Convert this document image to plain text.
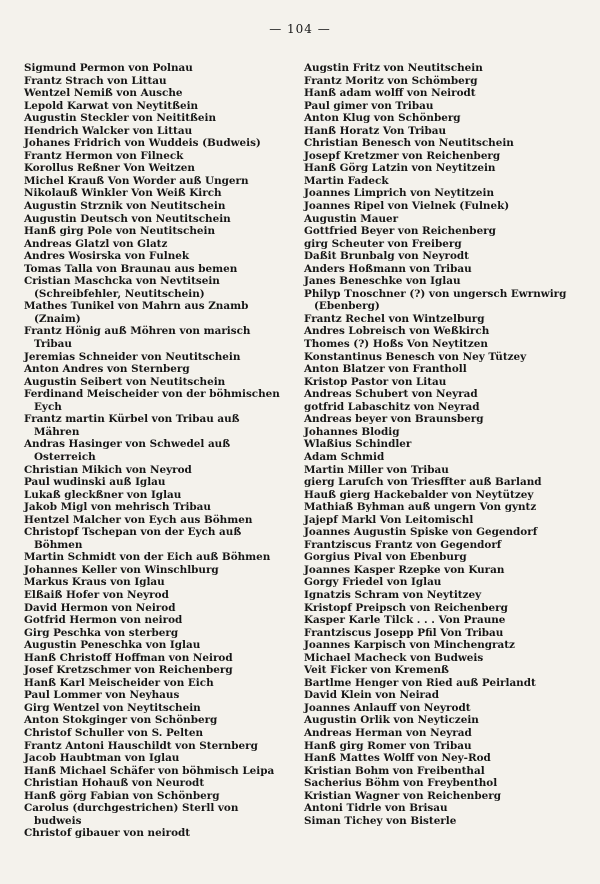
— 104 —
Sigmund Permon von Polnau
Frantz Strach von Littau
Wentzel Nemiß von Ausche
Lepold Karwat von Neytitßein
Augustin Steckler von Neititßein
Hendrich Walcker von Littau
Johanes Fridrich von Wuddeis (Budweis)
Frantz Hermon von Filneck
Korollus Reßner Von Weitzen
Michel Krauß Von Worder auß Ungern
Nikolauß Winkler Von Weiß Kirch
Augustin Strznik von Neutitschein
Augustin Deutsch von Neutitschein
Hanß girg Pole von Neutitschein
Andreas Glatzl von Glatz
Andres Wosirska von Fulnek
Tomas Talla von Braunau aus bemen
Cristian Maschcka von Nevtitsein (Schreibfehler, Neutitschein)
Mathes Tunikel von Mahrn aus Znamb (Znaim)
Frantz Hönig auß Möhren von marisch Tribau
Jeremias Schneider von Neutitschein
Anton Andres von Sternberg
Augustin Seibert von Neutitschein
Ferdinand Meischeider von der böhmischen Eych
Frantz martin Kürbel von Tribau auß Mähren
Andras Hasinger von Schwedel auß Osterreich
Christian Mikich von Neyrod
Paul wudinski auß Iglau
Lukaß gleckßner von Iglau
Jakob Migl von mehrisch Tribau
Hentzel Malcher von Eych aus Böhmen
Christopf Tschepan von der Eych auß Böhmen
Martin Schmidt von der Eich auß Böhmen
Johannes Keller von Winschlburg
Markus Kraus von Iglau
Elßaiß Hofer von Neyrod
David Hermon von Neirod
Gotfrid Hermon von neirod
Girg Peschka von sterberg
Augustin Peneschka von Iglau
Hanß Christoff Hoffman von Neirod
Josef Kretzschmer von Reichenberg
Hanß Karl Meischeider von Eich
Paul Lommer von Neyhaus
Girg Wentzel von Neytitschein
Anton Stokginger von Schönberg
Christof Schuller von S. Pelten
Frantz Antoni Hauschildt von Sternberg
Jacob Haubtman von Iglau
Hanß Michael Schäfer von böhmisch Leipa
Christian Hohauß von Neurodt
Hanß görg Fabian von Schönberg
Carolus (durchgestrichen) Sterll von budweis
Christof gibauer von neirodt
Augstin Fritz von Neutitschein
Frantz Moritz von Schömberg
Hanß adam wolff von Neirodt
Paul gimer von Tribau
Anton Klug von Schönberg
Hanß Horatz Von Tribau
Christian Benesch von Neutitschein
Josepf Kretzmer von Reichenberg
Hanß Görg Latzin von Neytitzein
Martin Fadeck
Joannes Limprich von Neytitzein
Joannes Ripel von Vielnek (Fulnek)
Augustin Mauer
Gottfried Beyer von Reichenberg
girg Scheuter von Freiberg
Daßit Brunbalg von Neyrodt
Anders Hoßmann von Tribau
Janes Beneschke von Iglau
Philyp Tnoschner (?) von ungersch Ewrnwirg (Ebenberg)
Frantz Rechel von Wintzelburg
Andres Lobreisch von Weßkirch
Thomes (?) Hoßs Von Neytitzen
Konstantinus Benesch von Ney Tützey
Anton Blatzer von Frantholl
Kristop Pastor von Litau
Andreas Schubert von Neyrad
gotfrid Labaschitz von Neyrad
Andreas beyer von Braunsberg
Johannes Blodig
Wlaßius Schindler
Adam Schmid
Martin Miller von Tribau
gierg Laruſch von Triesffter auß Barland
Hauß gierg Hackebalder von Neytützey
Mathiaß Byhman auß ungern Von gyntz
Jajepf Markl Von Leitomischl
Joannes Augustin Spiske von Gegendorf
Frantziscus Frantz von Gegendorf
Gorgius Pival von Ebenburg
Joannes Kasper Rzepke von Kuran
Gorgy Friedel von Iglau
Ignatzis Schram von Neytitzey
Kristopf Preipsch von Reichenberg
Kasper Karle Tilck . . . Von Praune
Frantziscus Josepp Pfil Von Tribau
Joannes Karpisch von Minchengratz
Michael Macheck von Budweis
Veit Ficker von Kremenß
Bartlme Henger von Ried auß Peirlandt
David Klein von Neirad
Joannes Anlauff von Neyrodt
Augustin Orlik von Neyticzein
Andreas Herman von Neyrad
Hanß girg Romer von Tribau
Hanß Mattes Wolff von Ney-Rod
Kristian Bohm von Freibenthal
Sacherius Böhm von Freybenthol
Kristian Wagner von Reichenberg
Antoni Tidrle von Brisau
Siman Tichey von Bisterle
